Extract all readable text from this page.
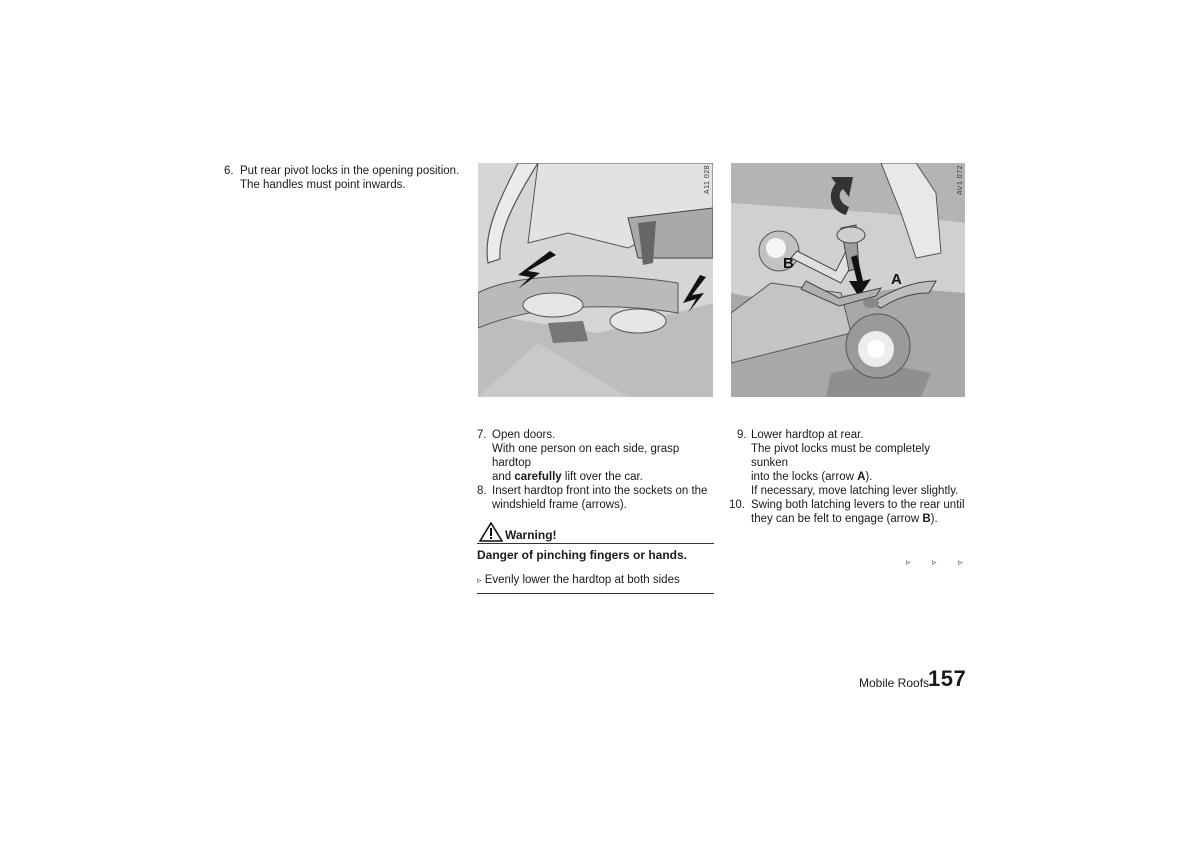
6. Put rear pivot locks in the opening position.
The handles must point inwards.	A11 028
B
A
AV1 072
7. Open doors.
With one person on each side, grasp hardtop
and carefully lift over the car.
8. Insert hardtop front into the sockets on the
windshield frame (arrows).
Warning!
Danger of pinching fingers or hands.
▹ Evenly lower the hardtop at both sides
9. Lower hardtop at rear.
The pivot locks must be completely sunken
into the locks (arrow A).
If necessary, move latching lever slightly.
10. Swing both latching levers to the rear until
they can be felt to engage (arrow B).
▹ ▹ ▹
Mobile Roofs
157
